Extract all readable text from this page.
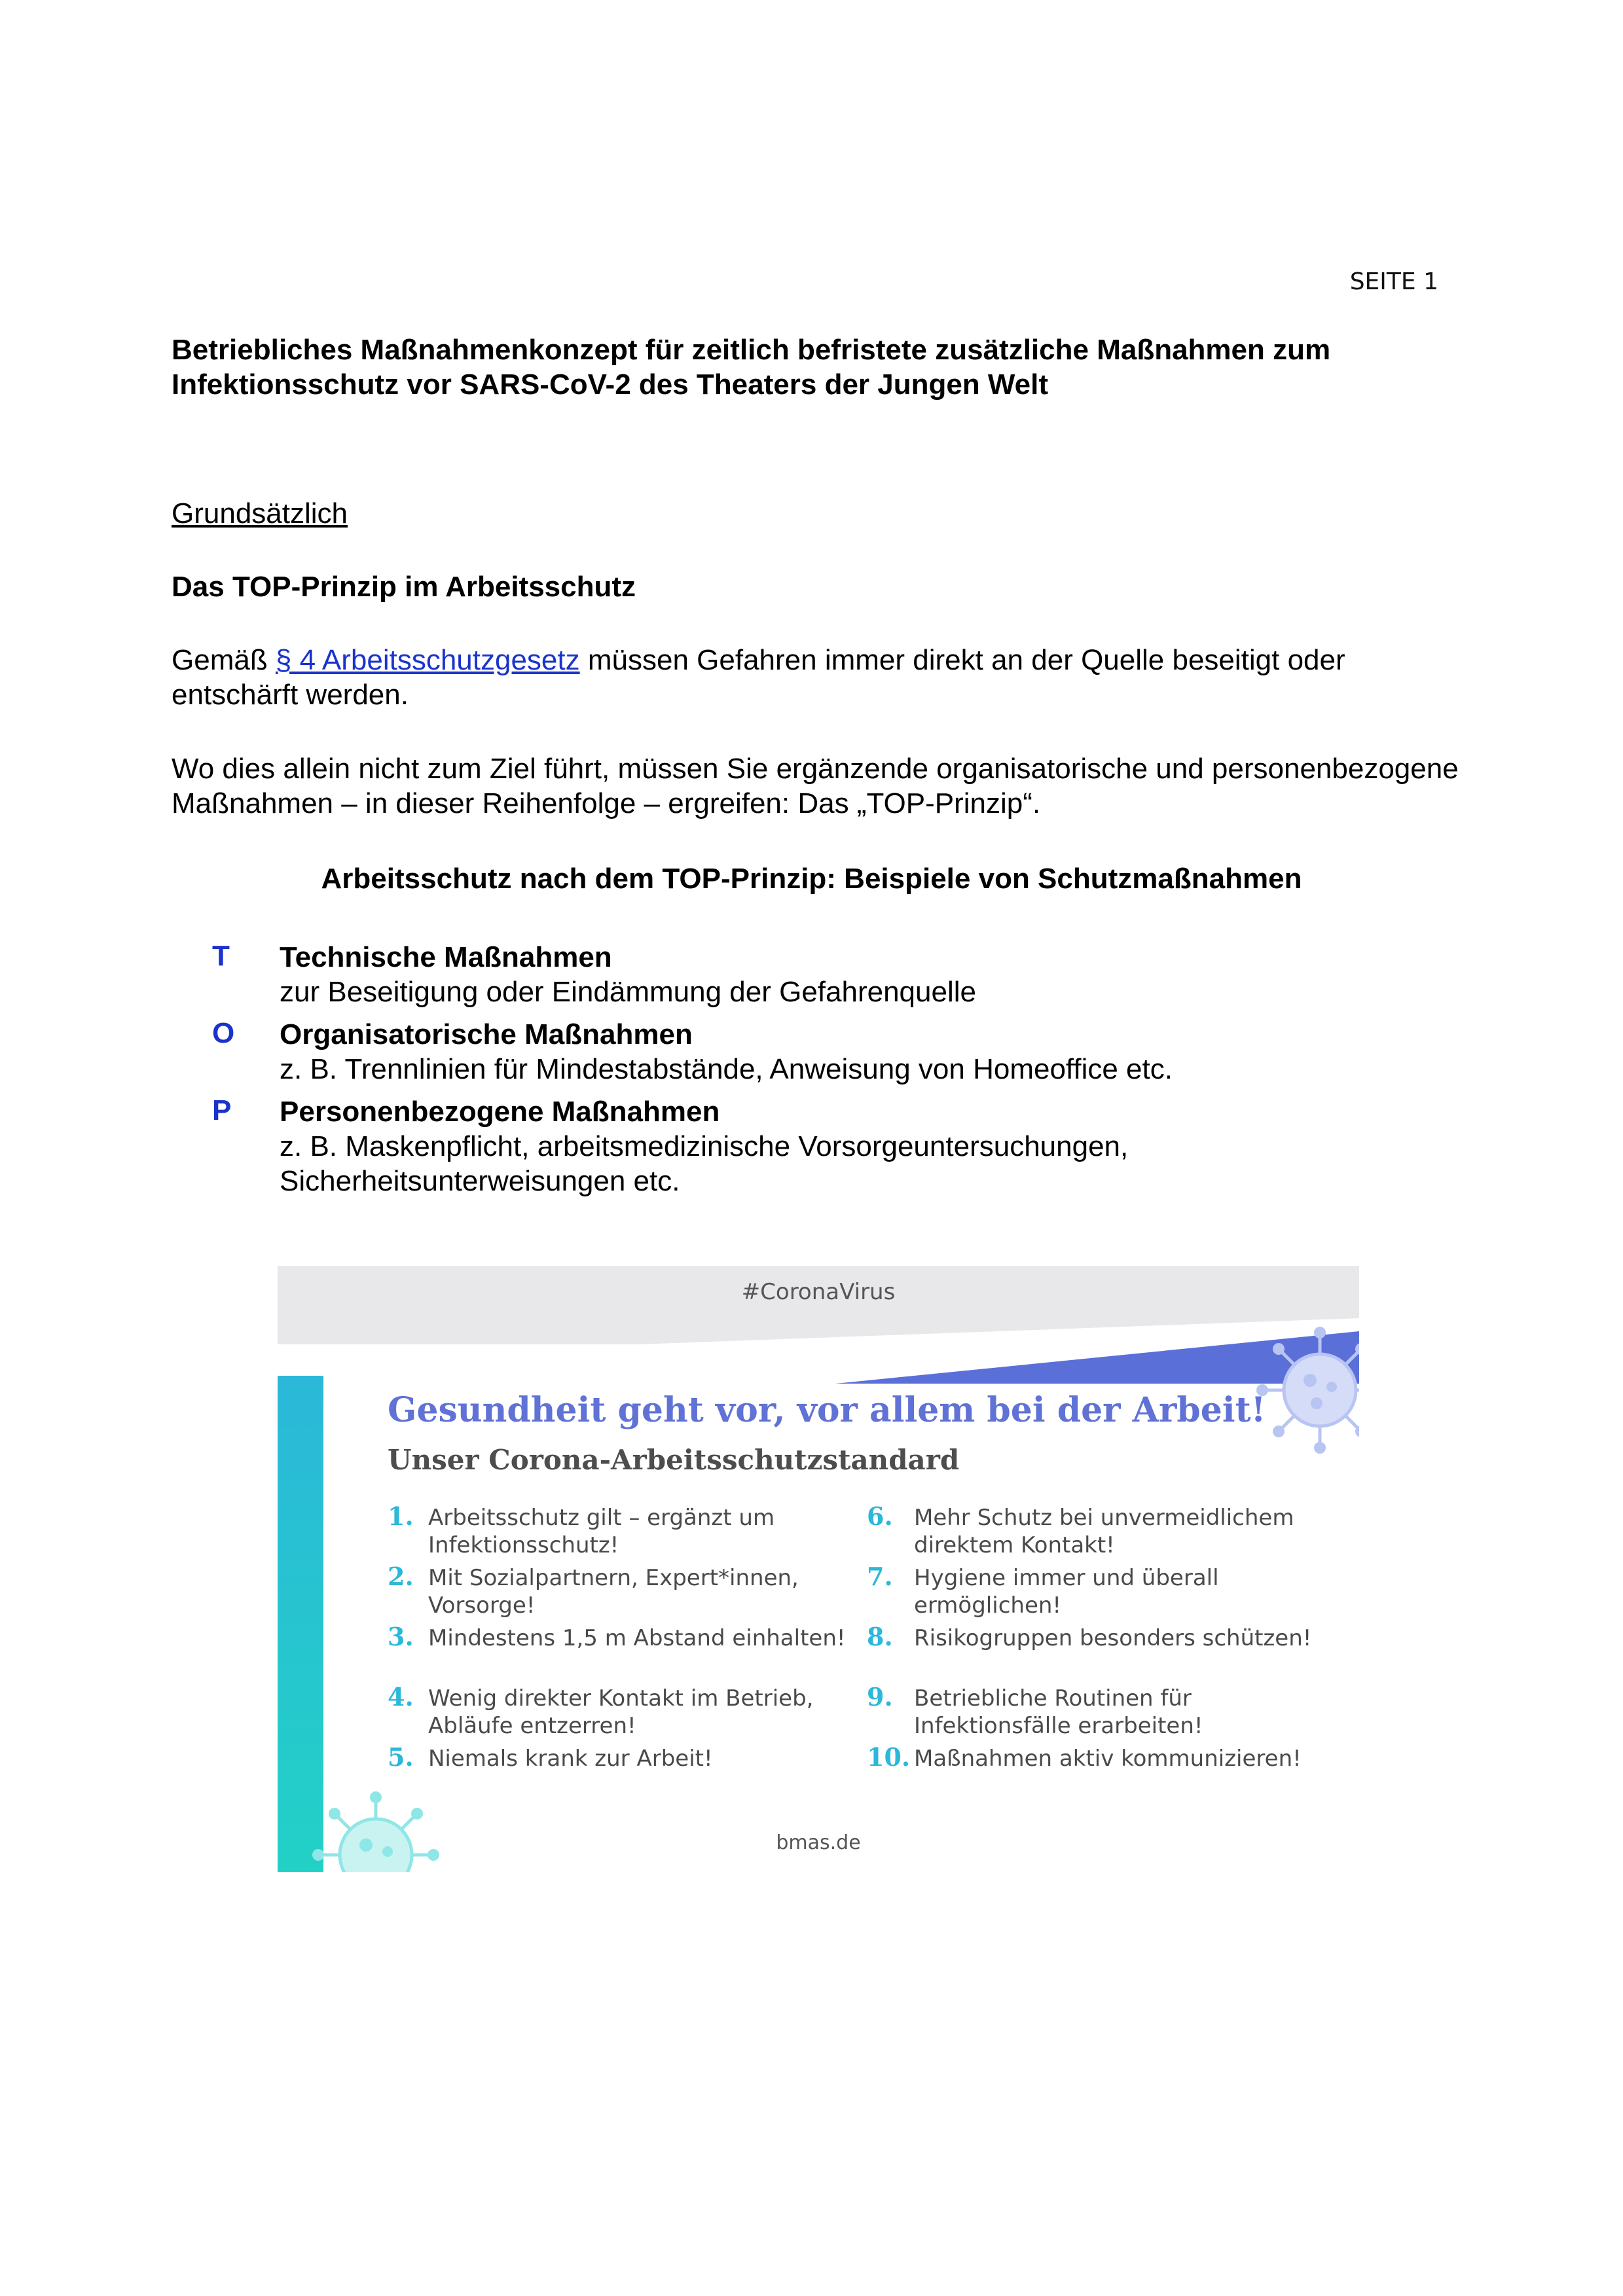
SEITE 1
Betriebliches Maßnahmenkonzept für zeitlich befristete zusätzliche Maßnahmen zum Infektionsschutz vor SARS-CoV-2 des Theaters der Jungen Welt
Grundsätzlich
Das TOP-Prinzip im Arbeitsschutz
Gemäß § 4 Arbeitsschutzgesetz müssen Gefahren immer direkt an der Quelle beseitigt oder entschärft werden.
Wo dies allein nicht zum Ziel führt, müssen Sie ergänzende organisatorische und personenbezogene Maßnahmen – in dieser Reihenfolge – ergreifen: Das „TOP-Prinzip“.
Arbeitsschutz nach dem TOP-Prinzip: Beispiele von Schutzmaßnahmen
T Technische Maßnahmen
zur Beseitigung oder Eindämmung der Gefahrenquelle
O Organisatorische Maßnahmen
z. B. Trennlinien für Mindestabstände, Anweisung von Homeoffice etc.
P Personenbezogene Maßnahmen
z. B. Maskenpflicht, arbeitsmedizinische Vorsorgeuntersuchungen, Sicherheitsunterweisungen etc.
#CoronaVirus
Gesundheit geht vor, vor allem bei der Arbeit!
Unser Corona-Arbeitsschutzstandard
1. Arbeitsschutz gilt – ergänzt um Infektionsschutz!
2. Mit Sozialpartnern, Expert*innen, Vorsorge!
3. Mindestens 1,5 m Abstand einhalten!
4. Wenig direkter Kontakt im Betrieb, Abläufe entzerren!
5. Niemals krank zur Arbeit!
6. Mehr Schutz bei unvermeidlichem direktem Kontakt!
7. Hygiene immer und überall ermöglichen!
8. Risikogruppen besonders schützen!
9. Betriebliche Routinen für Infektionsfälle erarbeiten!
10. Maßnahmen aktiv kommunizieren!
bmas.de
